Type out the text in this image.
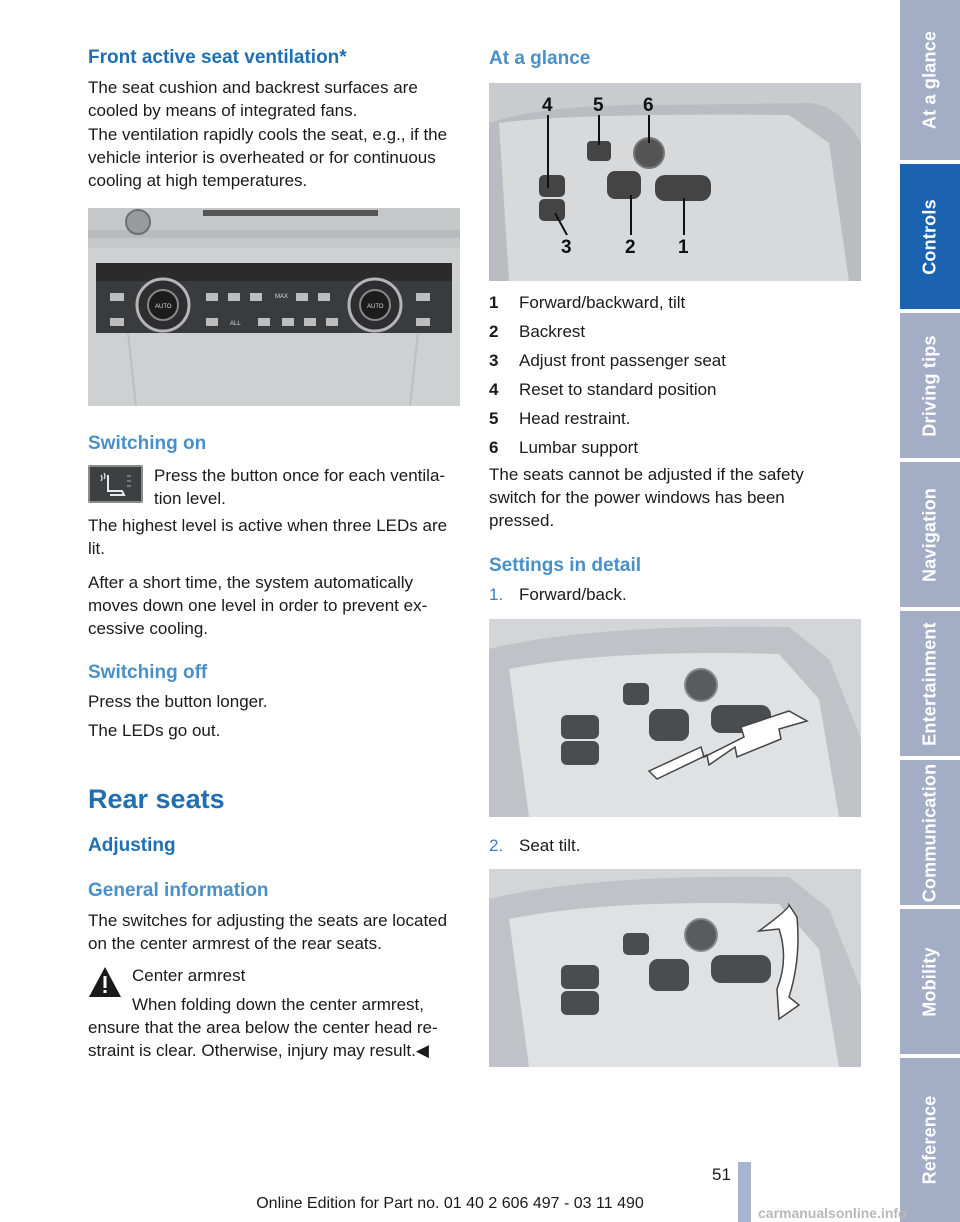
Front active seat ventilation*

The seat cushion and backrest surfaces are cooled by means of integrated fans.

The ventilation rapidly cools the seat, e.g., if the vehicle interior is overheated or for continuous cooling at high temperatures.

AUTO	AUTO
MAX
ALL
Switching on

Press the button once for each ventila-tion level.

The highest level is active when three LEDs are lit.

After a short time, the system automatically moves down one level in order to prevent ex-cessive cooling.

Switching off

Press the button longer.

The LEDs go out.

Rear seats
Adjusting
General information

The switches for adjusting the seats are located on the center armrest of the rear seats.

Center armrest

When folding down the center armrest, ensure that the area below the center head re-straint is clear. Otherwise, injury may result.◀

At a glance
4 5 6
3	2 1
1 Forward/backward, tilt
2 Backrest
3 Adjust front passenger seat
4 Reset to standard position
5 Head restraint.
6 Lumbar support

The seats cannot be adjusted if the safety switch for the power windows has been pressed.

Settings in detail

1. Forward/back.

2. Seat tilt.

At a glance
Controls
Driving tips
Navigation
Entertainment
Communication
Mobility
Reference
51
Online Edition for Part no. 01 40 2 606 497 - 03 11 490
carmanualsonline.info
